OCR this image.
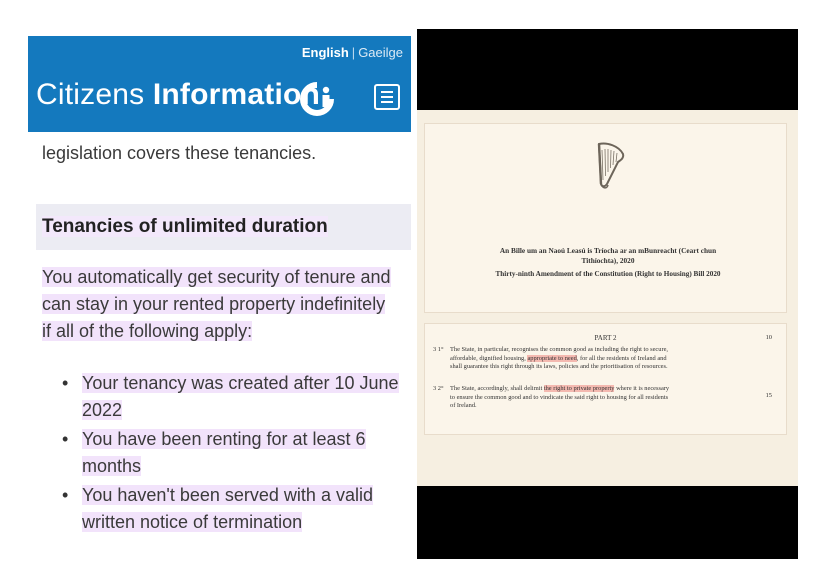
English | Gaeilge
Citizens Information
legislation covers these tenancies.
Tenancies of unlimited duration
You automatically get security of tenure and
can stay in your rented property indefinitely
if all of the following apply:
• Your tenancy was created after 10 June
2022
• You have been renting for at least 6
months
• You haven't been served with a valid
written notice of termination
An Bille um an Naoú Leasú is Tríocha ar an mBunreacht (Ceart chun
Tithíochta), 2020
Thirty-ninth Amendment of the Constitution (Right to Housing) Bill 2020
PART 2	10
15
3 1° The State, in particular, recognises the common good as including the right to secure,
affordable, dignified housing, appropriate to need, for all the residents of Ireland and
shall guarantee this right through its laws, policies and the prioritisation of resources.
3 2° The State, accordingly, shall delimit the right to private property where it is necessary
to ensure the common good and to vindicate the said right to housing for all residents
of Ireland.
